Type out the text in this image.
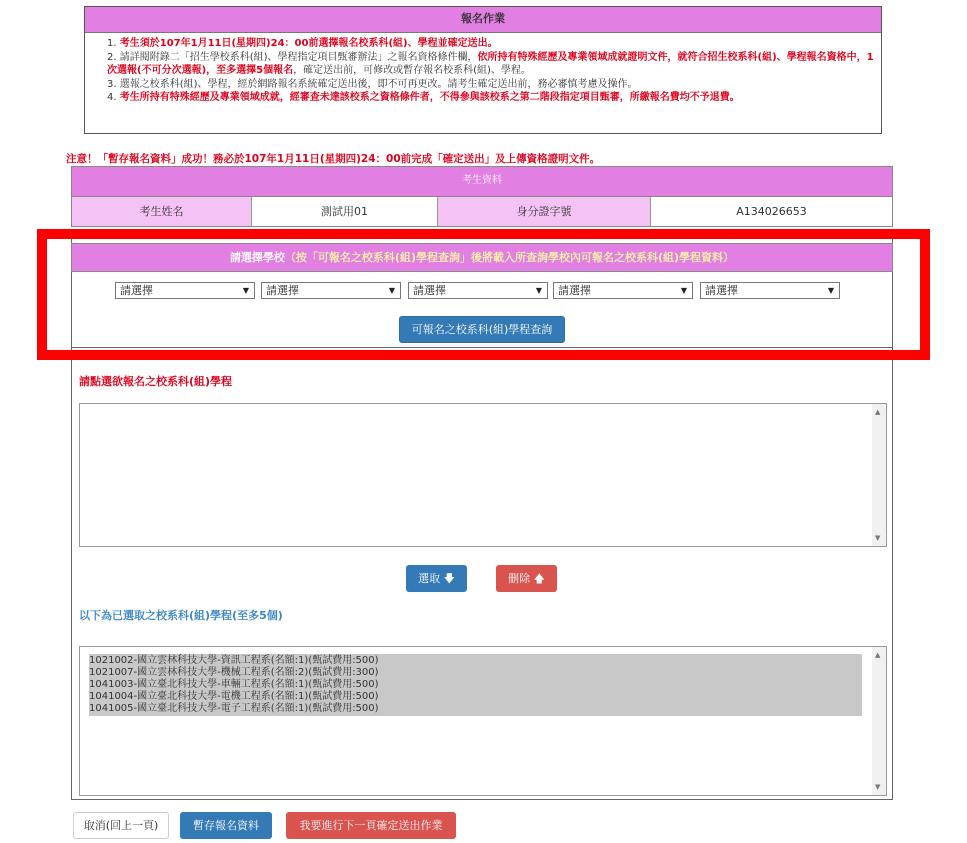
報名作業
1. 考生須於107年1月11日(星期四)24：00前選擇報名校系科(組)、學程並確定送出。
2. 請詳閱附錄二「招生學校系科(組)、學程指定項目甄審辦法」之報名資格條件欄，依所持有特殊經歷及專業領域成就證明文件，就符合招生校系科(組)、學程報名資格中，1次選報(不可分次選報)，至多選擇5個報名，確定送出前，可修改或暫存報名校系科(組)、學程。
3. 選報之校系科(組)、學程，經於網路報名系統確定送出後，即不可再更改。請考生確定送出前，務必審慎考慮及操作。
4. 考生所持有特殊經歷及專業領域成就，經審查未達該校系之資格條件者，不得參與該校系之第二階段指定項目甄審，所繳報名費均不予退費。
注意！「暫存報名資料」成功！務必於107年1月11日(星期四)24：00前完成「確定送出」及上傳資格證明文件。
考生資料
考生姓名	測試用01	身分證字號	A134026653
請選擇學校（按「可報名之校系科(組)學程查詢」後將載入所查詢學校內可報名之校系科(組)學程資料）
請選擇	▼	請選擇	▼	請選擇	▼	請選擇	▼	請選擇	▼
可報名之校系科(組)學程查詢
請點選欲報名之校系科(組)學程
▲
▼
選取 🡇	刪除 🡅
以下為已選取之校系科(組)學程(至多5個)
1021002-國立雲林科技大學-資訊工程系(名額:1)(甄試費用:500)
1021007-國立雲林科技大學-機械工程系(名額:2)(甄試費用:300)
1041003-國立臺北科技大學-車輛工程系(名額:1)(甄試費用:500)
1041004-國立臺北科技大學-電機工程系(名額:1)(甄試費用:500)
1041005-國立臺北科技大學-電子工程系(名額:1)(甄試費用:500)
▲
▼
取消(回上一頁)	暫存報名資料	我要進行下一頁確定送出作業
